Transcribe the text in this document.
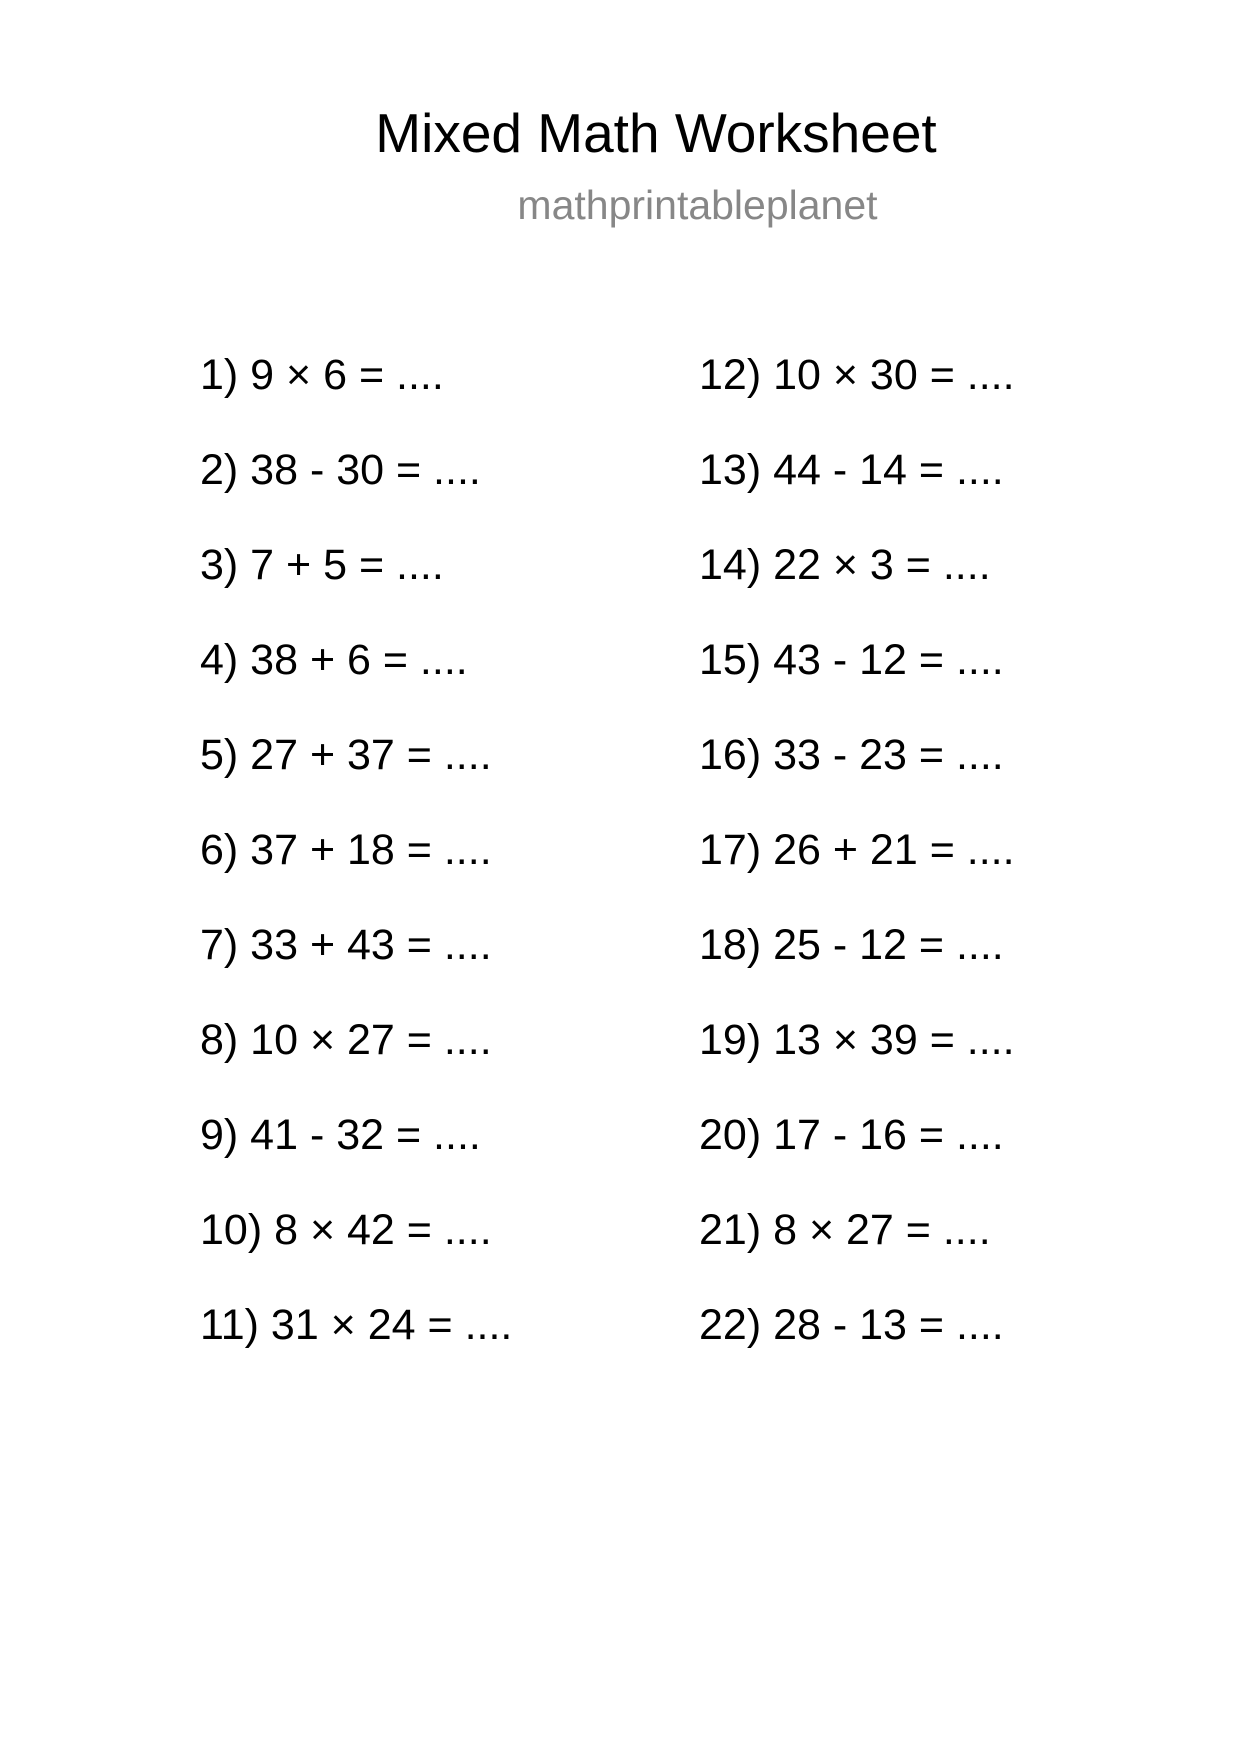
Mixed Math Worksheet
mathprintableplanet
1) 9 × 6 = ....
2) 38 - 30 = ....
3) 7 + 5 = ....
4) 38 + 6 = ....
5) 27 + 37 = ....
6) 37 + 18 = ....
7) 33 + 43 = ....
8) 10 × 27 = ....
9) 41 - 32 = ....
10) 8 × 42 = ....
11) 31 × 24 = ....
12) 10 × 30 = ....
13) 44 - 14 = ....
14) 22 × 3 = ....
15) 43 - 12 = ....
16) 33 - 23 = ....
17) 26 + 21 = ....
18) 25 - 12 = ....
19) 13 × 39 = ....
20) 17 - 16 = ....
21) 8 × 27 = ....
22) 28 - 13 = ....
